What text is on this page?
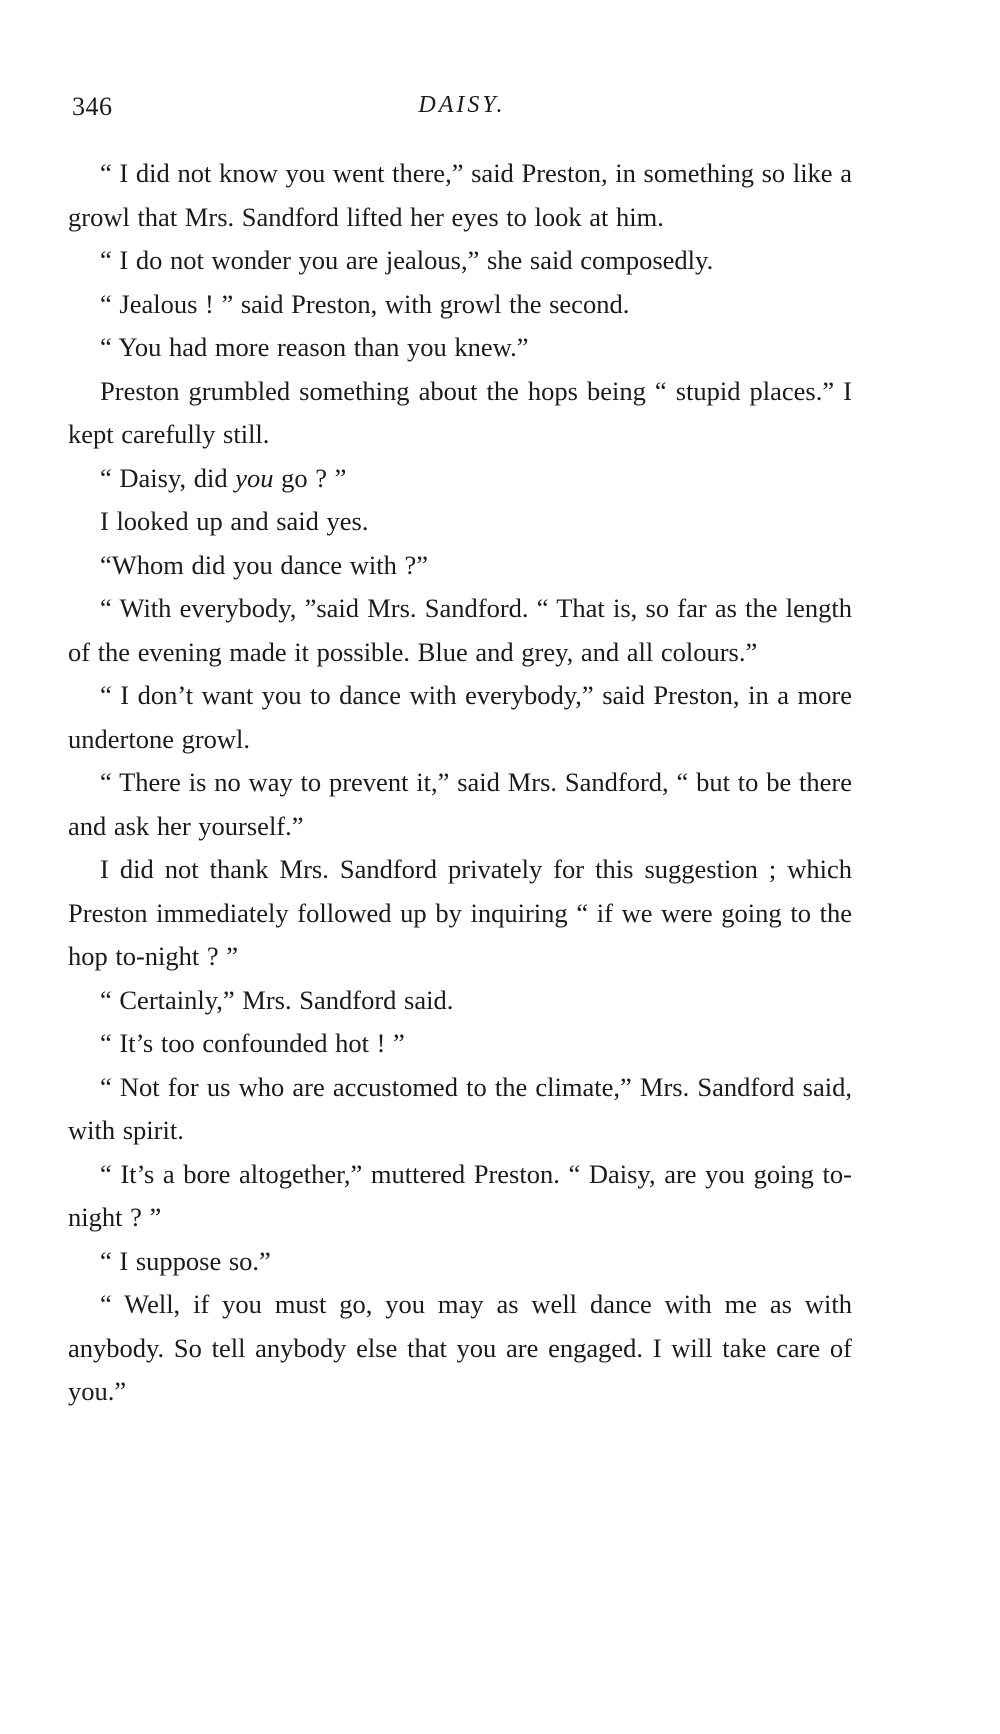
346	DAISY.

“ I did not know you went there,” said Preston, in something so like a growl that Mrs. Sandford lifted her eyes to look at him.

“ I do not wonder you are jealous,” she said composedly.

“ Jealous ! ” said Preston, with growl the second.

“ You had more reason than you knew.”

Preston grumbled something about the hops being “ stupid places.” I kept carefully still.

“ Daisy, did you go ? ”

I looked up and said yes.

“Whom did you dance with ?”

“ With everybody, ”said Mrs. Sandford. “ That is, so far as the length of the evening made it possible. Blue and grey, and all colours.”

“ I don’t want you to dance with everybody,” said Preston, in a more undertone growl.

“ There is no way to prevent it,” said Mrs. Sandford, “ but to be there and ask her yourself.”

I did not thank Mrs. Sandford privately for this suggestion ; which Preston immediately followed up by inquiring “ if we were going to the hop to-night ? ”

“ Certainly,” Mrs. Sandford said.

“ It’s too confounded hot ! ”

“ Not for us who are accustomed to the climate,” Mrs. Sandford said, with spirit.

“ It’s a bore altogether,” muttered Preston. “ Daisy, are you going to-night ? ”

“ I suppose so.”

“ Well, if you must go, you may as well dance with me as with anybody. So tell anybody else that you are engaged. I will take care of you.”
